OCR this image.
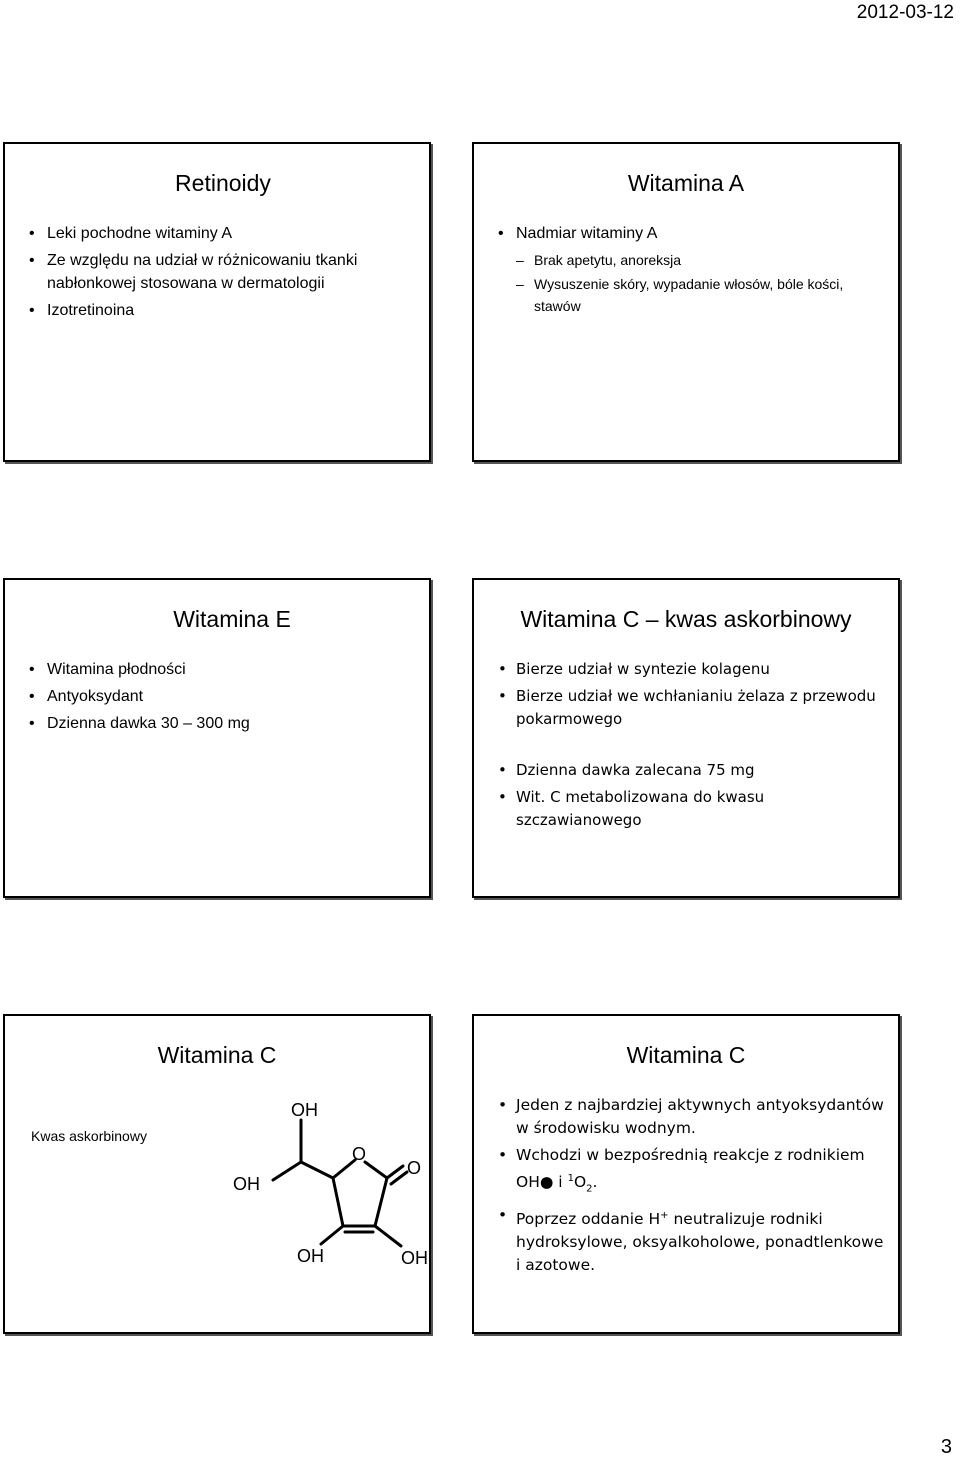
2012-03-12
Retinoidy
• Leki pochodne witaminy A
• Ze względu na udział w różnicowaniu tkanki nabłonkowej stosowana w dermatologii
• Izotretinoina
Witamina A
• Nadmiar witaminy A
– Brak apetytu, anoreksja
– Wysuszenie skóry, wypadanie włosów, bóle kości, stawów
Witamina E
• Witamina płodności
• Antyoksydant
• Dzienna dawka 30 – 300 mg
Witamina C – kwas askorbinowy
• Bierze udział w syntezie kolagenu
• Bierze udział we wchłanianiu żelaza z przewodu pokarmowego
• Dzienna dawka zalecana 75 mg
• Wit. C metabolizowana do kwasu szczawianowego
Witamina C
Kwas askorbinowy
OH
OH
O
O
OH	OH
Witamina C
• Jeden z najbardziej aktywnych antyoksydantów w środowisku wodnym.
• Wchodzi w bezpośrednią reakcje z rodnikiem
OH● i $^1O_2$.
• Poprzez oddanie H+ neutralizuje rodniki hydroksylowe, oksyalkoholowe, ponadtlenkowe i azotowe.
3
